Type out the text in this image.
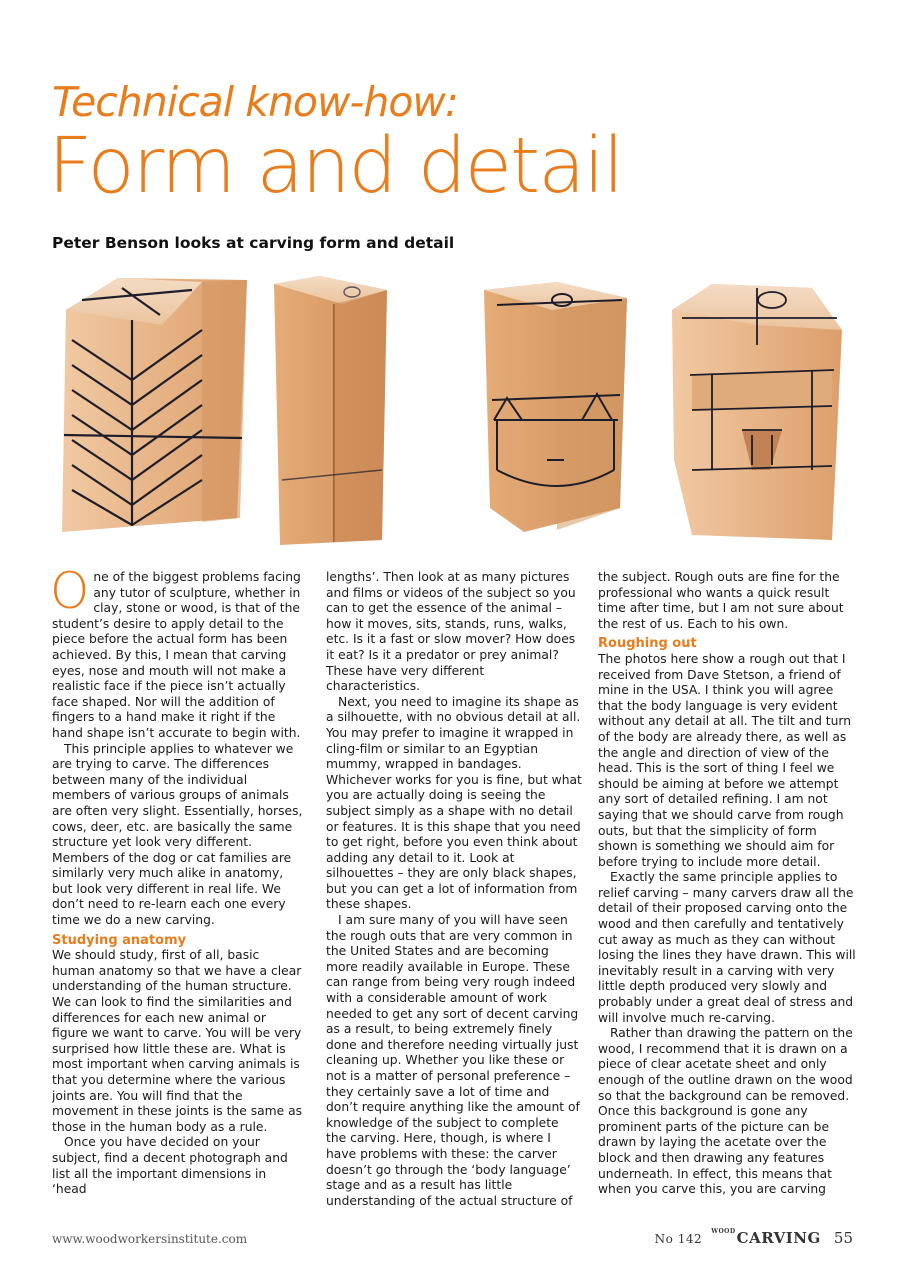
Technical know-how:
Form and detail
Peter Benson looks at carving form and detail

One of the biggest problems facing any tutor of sculpture, whether in clay, stone or wood, is that of the student’s desire to apply detail to the piece before the actual form has been achieved. By this, I mean that carving eyes, nose and mouth will not make a realistic face if the piece isn’t actually face shaped. Nor will the addition of fingers to a hand make it right if the hand shape isn’t accurate to begin with.

This principle applies to whatever we are trying to carve. The differences between many of the individual members of various groups of animals are often very slight. Essentially, horses, cows, deer, etc. are basically the same structure yet look very different. Members of the dog or cat families are similarly very much alike in anatomy, but look very different in real life. We don’t need to re-learn each one every time we do a new carving.

Studying anatomy

We should study, first of all, basic human anatomy so that we have a clear understanding of the human structure. We can look to find the similarities and differences for each new animal or figure we want to carve. You will be very surprised how little these are. What is most important when carving animals is that you determine where the various joints are. You will find that the movement in these joints is the same as those in the human body as a rule.

Once you have decided on your subject, find a decent photograph and list all the important dimensions in ‘head

lengths’. Then look at as many pictures and films or videos of the subject so you can to get the essence of the animal – how it moves, sits, stands, runs, walks, etc. Is it a fast or slow mover? How does it eat? Is it a predator or prey animal? These have very different characteristics.

Next, you need to imagine its shape as a silhouette, with no obvious detail at all. You may prefer to imagine it wrapped in cling-film or similar to an Egyptian mummy, wrapped in bandages. Whichever works for you is fine, but what you are actually doing is seeing the subject simply as a shape with no detail or features. It is this shape that you need to get right, before you even think about adding any detail to it. Look at silhouettes – they are only black shapes, but you can get a lot of information from these shapes.

I am sure many of you will have seen the rough outs that are very common in the United States and are becoming more readily available in Europe. These can range from being very rough indeed with a considerable amount of work needed to get any sort of decent carving as a result, to being extremely finely done and therefore needing virtually just cleaning up. Whether you like these or not is a matter of personal preference – they certainly save a lot of time and don’t require anything like the amount of knowledge of the subject to complete the carving. Here, though, is where I have problems with these: the carver doesn’t go through the ‘body language’ stage and as a result has little understanding of the actual structure of

the subject. Rough outs are fine for the professional who wants a quick result time after time, but I am not sure about the rest of us. Each to his own.

Roughing out

The photos here show a rough out that I received from Dave Stetson, a friend of mine in the USA. I think you will agree that the body language is very evident without any detail at all. The tilt and turn of the body are already there, as well as the angle and direction of view of the head. This is the sort of thing I feel we should be aiming at before we attempt any sort of detailed refining. I am not saying that we should carve from rough outs, but that the simplicity of form shown is something we should aim for before trying to include more detail.

Exactly the same principle applies to relief carving – many carvers draw all the detail of their proposed carving onto the wood and then carefully and tentatively cut away as much as they can without losing the lines they have drawn. This will inevitably result in a carving with very little depth produced very slowly and probably under a great deal of stress and will involve much re-carving.

Rather than drawing the pattern on the wood, I recommend that it is drawn on a piece of clear acetate sheet and only enough of the outline drawn on the wood so that the background can be removed. Once this background is gone any prominent parts of the picture can be drawn by laying the acetate over the block and then drawing any features underneath. In effect, this means that when you carve this, you are carving

www.woodworkersinstitute.com	No 142 $^{WOOD}$CARVING 55
